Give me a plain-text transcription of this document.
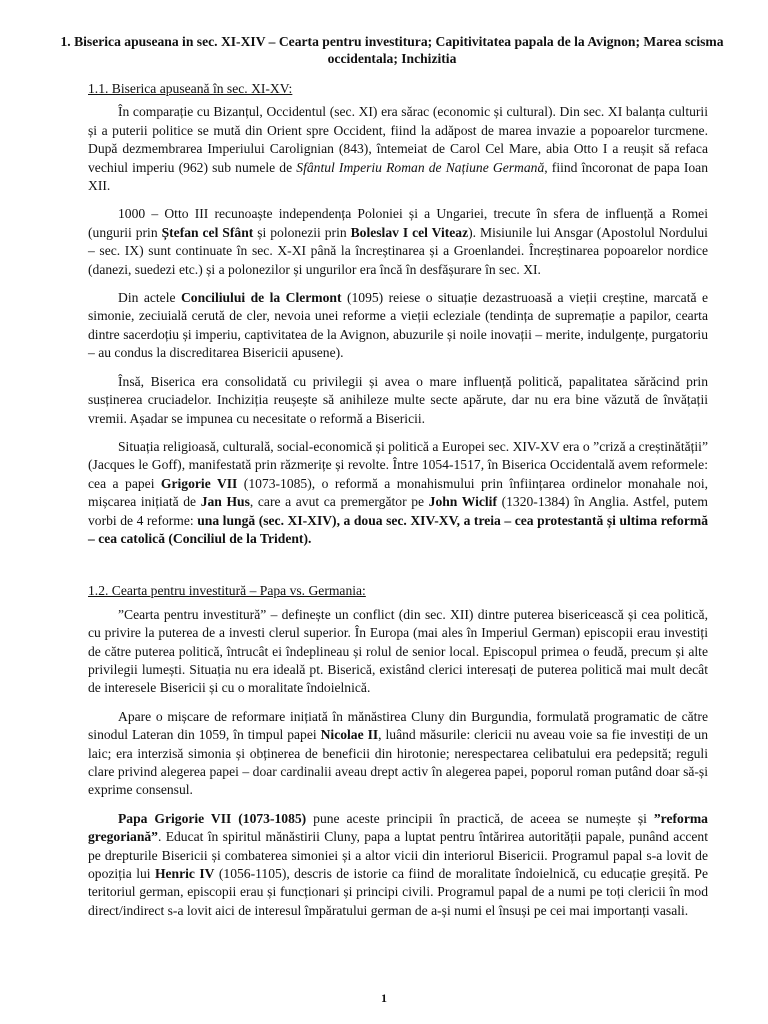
1. Biserica apuseana in sec. XI-XIV – Cearta pentru investitura; Capitivitatea papala de la Avignon; Marea scisma occidentala; Inchizitia
1.1. Biserica apuseană în sec. XI-XV:

În comparație cu Bizanțul, Occidentul (sec. XI) era sărac (economic și cultural). Din sec. XI balanța culturii și a puterii politice se mută din Orient spre Occident, fiind la adăpost de marea invazie a popoarelor turcmene. După dezmembrarea Imperiului Carolignian (843), întemeiat de Carol Cel Mare, abia Otto I a reușit să refaca vechiul imperiu (962) sub numele de Sfântul Imperiu Roman de Națiune Germană, fiind încoronat de papa Ioan XII.

1000 – Otto III recunoaște independența Poloniei și a Ungariei, trecute în sfera de influență a Romei (ungurii prin Ștefan cel Sfânt și polonezii prin Boleslav I cel Viteaz). Misiunile lui Ansgar (Apostolul Nordului – sec. IX) sunt continuate în sec. X-XI până la încreștinarea și a Groenlandei. Încreștinarea popoarelor nordice (danezi, suedezi etc.) și a polonezilor și ungurilor era încă în desfășurare în sec. XI.

Din actele Conciliului de la Clermont (1095) reiese o situație dezastruoasă a vieții creștine, marcată e simonie, zeciuială cerută de cler, nevoia unei reforme a vieții ecleziale (tendința de supremație a papilor, cearta dintre sacerdoțiu și imperiu, captivitatea de la Avignon, abuzurile și noile inovații – merite, indulgențe, purgatoriu – au condus la discreditarea Bisericii apusene).

Însă, Biserica era consolidată cu privilegii și avea o mare influență politică, papalitatea sărăcind prin susținerea cruciadelor. Inchiziția reușește să anihileze multe secte apărute, dar nu era bine văzută de învățații vremii. Așadar se impunea cu necesitate o reformă a Bisericii.

Situația religioasă, culturală, social-economică și politică a Europei sec. XIV-XV era o ”criză a creștinătății” (Jacques le Goff), manifestată prin răzmerițe și revolte. Între 1054-1517, în Biserica Occidentală avem reformele: cea a papei Grigorie VII (1073-1085), o reformă a monahismului prin înființarea ordinelor monahale noi, mișcarea inițiată de Jan Hus, care a avut ca premergător pe John Wiclif (1320-1384) în Anglia. Astfel, putem vorbi de 4 reforme: una lungă (sec. XI-XIV), a doua sec. XIV-XV, a treia – cea protestantă și ultima reformă – cea catolică (Conciliul de la Trident).

1.2. Cearta pentru investitură – Papa vs. Germania:

”Cearta pentru investitură” – definește un conflict (din sec. XII) dintre puterea bisericească și cea politică, cu privire la puterea de a investi clerul superior. În Europa (mai ales în Imperiul German) episcopii erau investiți de către puterea politică, întrucât ei îndeplineau și rolul de senior local. Episcopul primea o feudă, precum și alte privilegii lumești. Situația nu era ideală pt. Biserică, existând clerici interesați de puterea politică mai mult decât de interesele Bisericii și cu o moralitate îndoielnică.

Apare o mișcare de reformare inițiată în mănăstirea Cluny din Burgundia, formulată programatic de către sinodul Lateran din 1059, în timpul papei Nicolae II, luând măsurile: clericii nu aveau voie sa fie investiți de un laic; era interzisă simonia și obținerea de beneficii din hirotonie; nerespectarea celibatului era pedepsită; reguli clare privind alegerea papei – doar cardinalii aveau drept activ în alegerea papei, poporul roman putând doar să-și exprime consensul.

Papa Grigorie VII (1073-1085) pune aceste principii în practică, de aceea se numește și ”reforma gregoriană”. Educat în spiritul mănăstirii Cluny, papa a luptat pentru întărirea autorității papale, punând accent pe drepturile Bisericii și combaterea simoniei și a altor vicii din interiorul Bisericii. Programul papal s-a lovit de opoziția lui Henric IV (1056-1105), descris de istorie ca fiind de moralitate îndoielnică, cu educație greșită. Pe teritoriul german, episcopii erau și funcționari și principi civili. Programul papal de a numi pe toți clericii în mod direct/indirect s-a lovit aici de interesul împăratului german de a-și numi el însuși pe cei mai importanți vasali.

1
